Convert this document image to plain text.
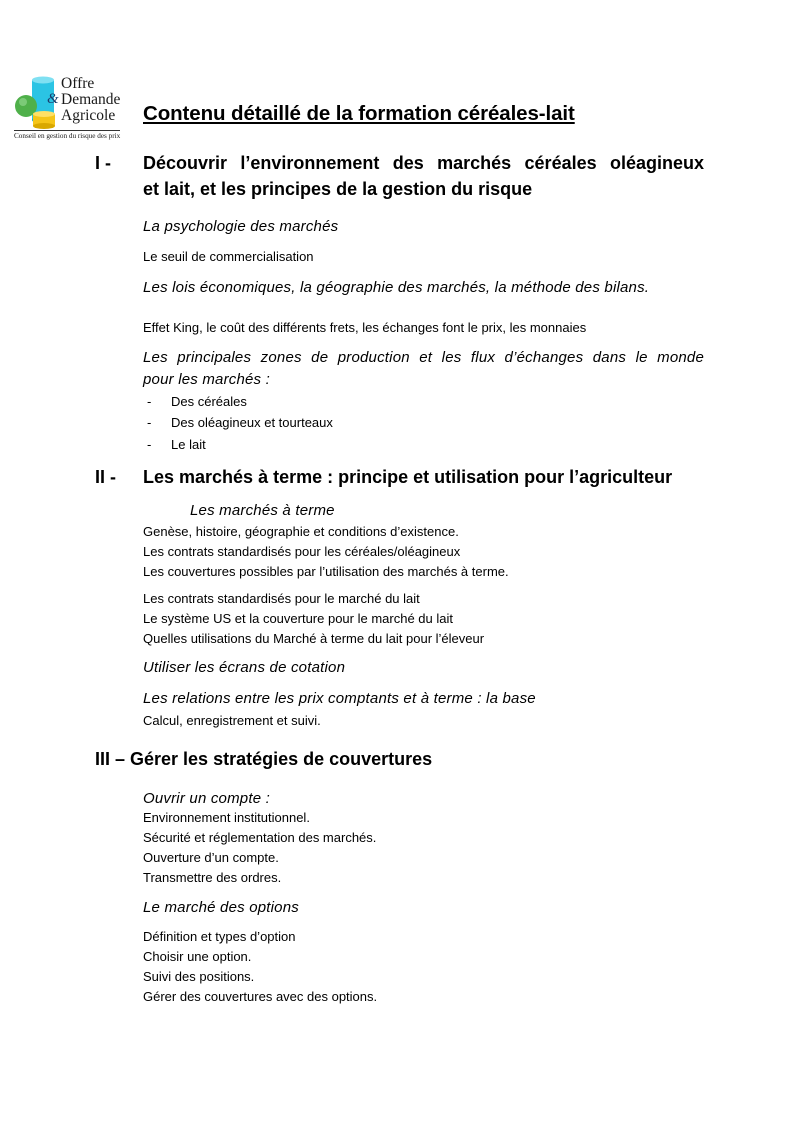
Offre
& Demande
Agricole
Conseil en gestion du risque des prix
Contenu détaillé de la formation céréales-lait
I - Découvrir l’environnement des marchés céréales oléagineux
et lait, et les principes de la gestion du risque
La psychologie des marchés
Le seuil de commercialisation
Les lois économiques, la géographie des marchés, la méthode des bilans.
Effet King, le coût des différents frets, les échanges font le prix, les monnaies
Les principales zones de production et les flux d’échanges dans le monde
pour les marchés :
- Des céréales
- Des oléagineux et tourteaux
- Le lait
II - Les marchés à terme : principe et utilisation pour l’agriculteur
Les marchés à terme
Genèse, histoire, géographie et conditions d’existence.
Les contrats standardisés pour les céréales/oléagineux
Les couvertures possibles par l’utilisation des marchés à terme.
Les contrats standardisés pour le marché du lait
Le système US et la couverture pour le marché du lait
Quelles utilisations du Marché à terme du lait pour l’éleveur
Utiliser les écrans de cotation
Les relations entre les prix comptants et à terme : la base
Calcul, enregistrement et suivi.
III – Gérer les stratégies de couvertures
Ouvrir un compte :
Environnement institutionnel.
Sécurité et réglementation des marchés.
Ouverture d’un compte.
Transmettre des ordres.
Le marché des options
Définition et types d’option
Choisir une option.
Suivi des positions.
Gérer des couvertures avec des options.
